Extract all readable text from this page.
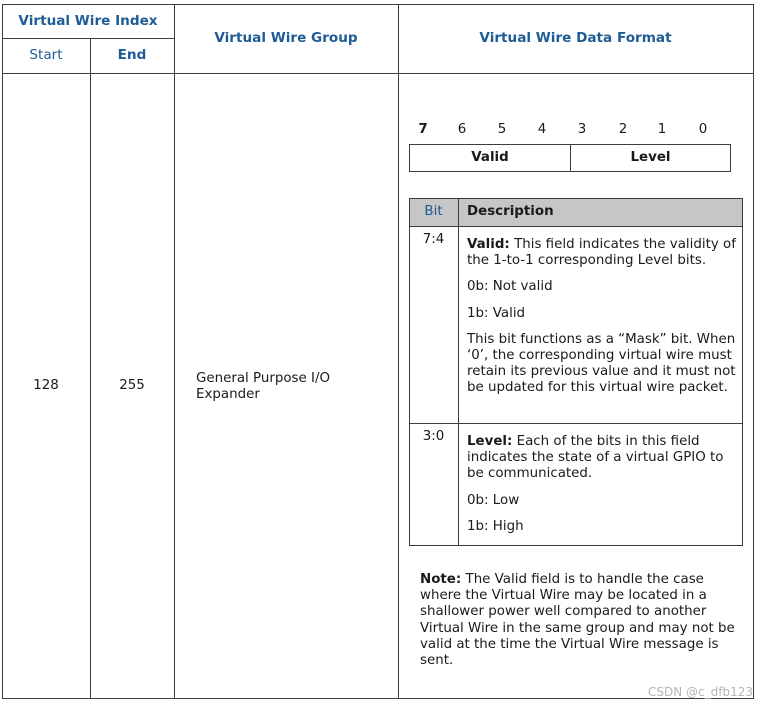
Virtual Wire Index
Start	End
Virtual Wire Group	Virtual Wire Data Format
128	255	General Purpose I/O
Expander
7	6	5	4	3	2	1	0
Valid	Level
Bit	Description
7:4	Valid: This field indicates the validity of the 1-to-1 corresponding Level bits.

0b: Not valid

1b: Valid

This bit functions as a “Mask” bit. When ‘0’, the corresponding virtual wire must retain its previous value and it must not be updated for this virtual wire packet.

3:0	Level: Each of the bits in this field indicates the state of a virtual GPIO to be communicated.

0b: Low

1b: High

Note: The Valid field is to handle the case where the Virtual Wire may be located in a shallower power well compared to another Virtual Wire in the same group and may not be valid at the time the Virtual Wire message is sent.

CSDN @c_dfb123
